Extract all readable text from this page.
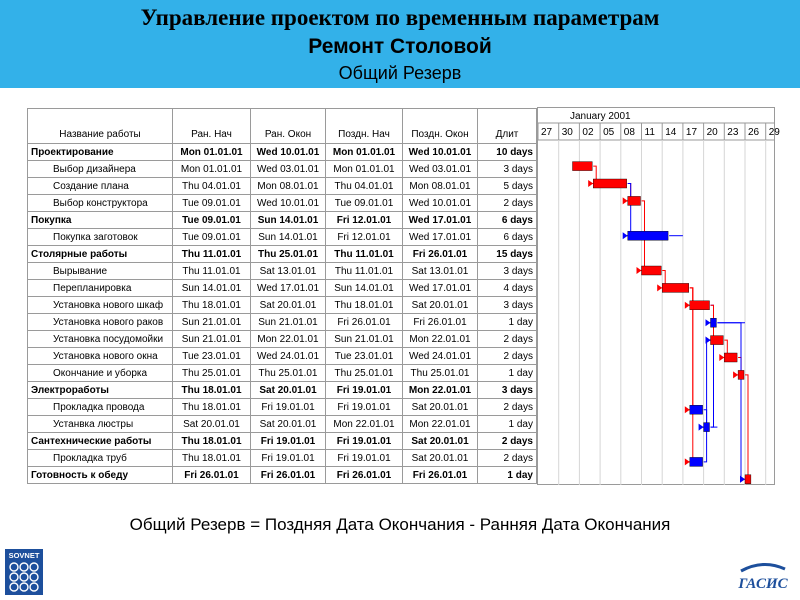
Управление проектом по временным параметрам
Ремонт Столовой
Общий Резерв
Название работы	Ран. Нач	Ран. Окон	Поздн. Нач	Поздн. Окон	Длит
Проектирование	Mon 01.01.01	Wed 10.01.01	Mon 01.01.01	Wed 10.01.01	10 days
Выбор дизайнера	Mon 01.01.01	Wed 03.01.01	Mon 01.01.01	Wed 03.01.01	3 days
Создание плана	Thu 04.01.01	Mon 08.01.01	Thu 04.01.01	Mon 08.01.01	5 days
Выбор конструктора	Tue 09.01.01	Wed 10.01.01	Tue 09.01.01	Wed 10.01.01	2 days
Покупка	Tue 09.01.01	Sun 14.01.01	Fri 12.01.01	Wed 17.01.01	6 days
Покупка заготовок	Tue 09.01.01	Sun 14.01.01	Fri 12.01.01	Wed 17.01.01	6 days
Столярные работы	Thu 11.01.01	Thu 25.01.01	Thu 11.01.01	Fri 26.01.01	15 days
Вырывание	Thu 11.01.01	Sat 13.01.01	Thu 11.01.01	Sat 13.01.01	3 days
Перепланировка	Sun 14.01.01	Wed 17.01.01	Sun 14.01.01	Wed 17.01.01	4 days
Установка нового шкаф	Thu 18.01.01	Sat 20.01.01	Thu 18.01.01	Sat 20.01.01	3 days
Установка нового раков	Sun 21.01.01	Sun 21.01.01	Fri 26.01.01	Fri 26.01.01	1 day
Установка посудомойки	Sun 21.01.01	Mon 22.01.01	Sun 21.01.01	Mon 22.01.01	2 days
Установка нового окна	Tue 23.01.01	Wed 24.01.01	Tue 23.01.01	Wed 24.01.01	2 days
Окончание и уборка	Thu 25.01.01	Thu 25.01.01	Thu 25.01.01	Thu 25.01.01	1 day
Электроработы	Thu 18.01.01	Sat 20.01.01	Fri 19.01.01	Mon 22.01.01	3 days
Прокладка провода	Thu 18.01.01	Fri 19.01.01	Fri 19.01.01	Sat 20.01.01	2 days
Устанвка люстры	Sat 20.01.01	Sat 20.01.01	Mon 22.01.01	Mon 22.01.01	1 day
Сантехнические работы	Thu 18.01.01	Fri 19.01.01	Fri 19.01.01	Sat 20.01.01	2 days
Прокладка труб	Thu 18.01.01	Fri 19.01.01	Fri 19.01.01	Sat 20.01.01	2 days
Готовность к обеду	Fri 26.01.01	Fri 26.01.01	Fri 26.01.01	Fri 26.01.01	1 day
January 2001
27 30 02 05 08 11 14 17 20 23 26 29
Общий Резерв = Поздняя Дата Окончания - Ранняя Дата Окончания
SOVNET
ГАСИС
